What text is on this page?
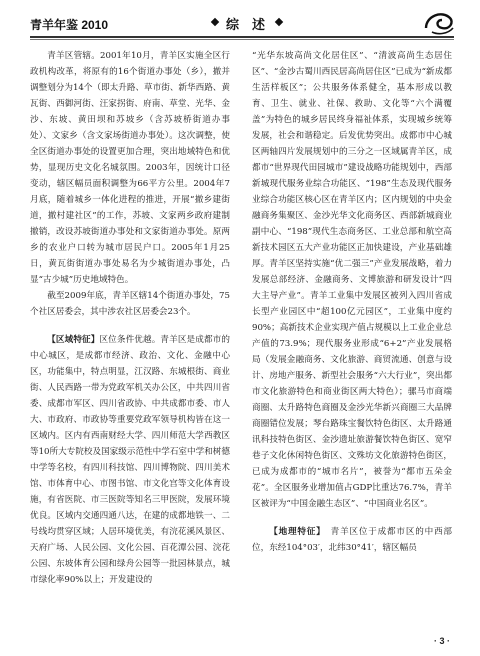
青羊年鉴 2010	综　述

青羊区管辖。2001年10月，青羊区实施全区行政机构改革，将原有的16个街道办事处（乡），撤并调整划分为14个（即太升路、草市街、新华西路、黄瓦街、西御河街、汪家拐街、府南、草堂、光华、金沙、东坡、黄田坝和苏坡乡（含苏坡桥街道办事处）、文家乡（含文家场街道办事处）。这次调整，使全区街道办事处的设置更加合理，突出地域特色和优势，显现历史文化名城氛围。2003年，因统计口径变动，辖区幅员面积调整为66平方公里。2004年7月底，随着城乡一体化进程的推进，开展“撤乡建街道，撤村建社区”的工作，苏坡、文家两乡政府建制撤销，改设苏坡街道办事处和文家街道办事处。原两乡的农业户口转为城市居民户口。2005年1月25日，黄瓦街街道办事处易名为少城街道办事处，凸显“古少城”历史地域特色。

截至2009年底，青羊区辖14个街道办事处，75个社区居委会，其中涉农社区居委会23个。

【区域特征】区位条件优越。青羊区是成都市的中心城区，是成都市经济、政治、文化、金融中心区，功能集中，特点明显，江汉路、东城根街、商业街、人民西路一带为党政军机关办公区，中共四川省委、成都市军区、四川省政协、中共成都市委、市人大、市政府、市政协等重要党政军领导机构皆在这一区域内。区内有西南财经大学、四川师范大学西教区等10所大专院校及国家级示范性中学石室中学和树德中学等名校，有四川科技馆、四川博物院、四川美术馆、市体育中心、市图书馆、市文化宫等文化体育设施，有省医院、市三医院等知名三甲医院，发展环境优良。区域内交通四通八达，在建的成都地铁一、二号线均贯穿区域；人居环境优美，有浣花溪风景区、天府广场、人民公园、文化公园、百花潭公园、浣花公园、东坡体育公园和绿舟公园等一批园林景点，城市绿化率90%以上；开发建设的

“光华东坡高尚文化居住区”、“清波高尚生态居住区”、“金沙古蜀川西民居高尚居住区”已成为“新成都生活样板区”；公共服务体系健全，基本形成以教育、卫生、就业、社保、救助、文化等“六个满覆盖”为特色的城乡居民终身福祉体系，实现城乡统筹发展，社会和谐稳定。后发优势突出。成都市中心城区两轴四片发展规划中的三分之一区域属青羊区，成都市“世界现代田园城市”建设战略功能规划中，西部新城现代服务业综合功能区、“198”生态及现代服务业综合功能区核心区在青羊区内；区内规划的中央金融商务集聚区、金沙光华文化商务区、西部新城商业副中心、“198”现代生态商务区、工业总部和航空高新技术园区五大产业功能区正加快建设，产业基础雄厚。青羊区坚持实施“优二强三”产业发展战略，着力发展总部经济、金融商务、文博旅游和研发设计“四大主导产业”。青羊工业集中发展区被列入四川省成长型产业园区中“超100亿元园区”，工业集中度约90%；高新技术企业实现产值占规模以上工业企业总产值的73.9%；现代服务业形成“6+2”产业发展格局（发展金融商务、文化旅游、商贸流通、创意与设计、房地产服务、新型社会服务“六大行业”，突出都市文化旅游特色和商业街区两大特色）；骡马市商端商圈、太升路特色商圈及金沙光华新兴商圈三大品牌商圈错位发展；琴台路珠宝餐饮特色街区、太升路通讯科技特色街区、金沙遗址旅游餐饮特色街区、宽窄巷子文化休闲特色街区、文殊坊文化旅游特色街区，已成为成都市的“城市名片”，被誉为“都市五朵金花”。全区服务业增加值占GDP比重达76.7%，青羊区被评为“中国金融生态区”、“中国商业名区”。

【地理特征】　 青羊区位于成都市区的中西部位，东经104°03′，北纬30°41′，辖区幅员

· 3 ·
